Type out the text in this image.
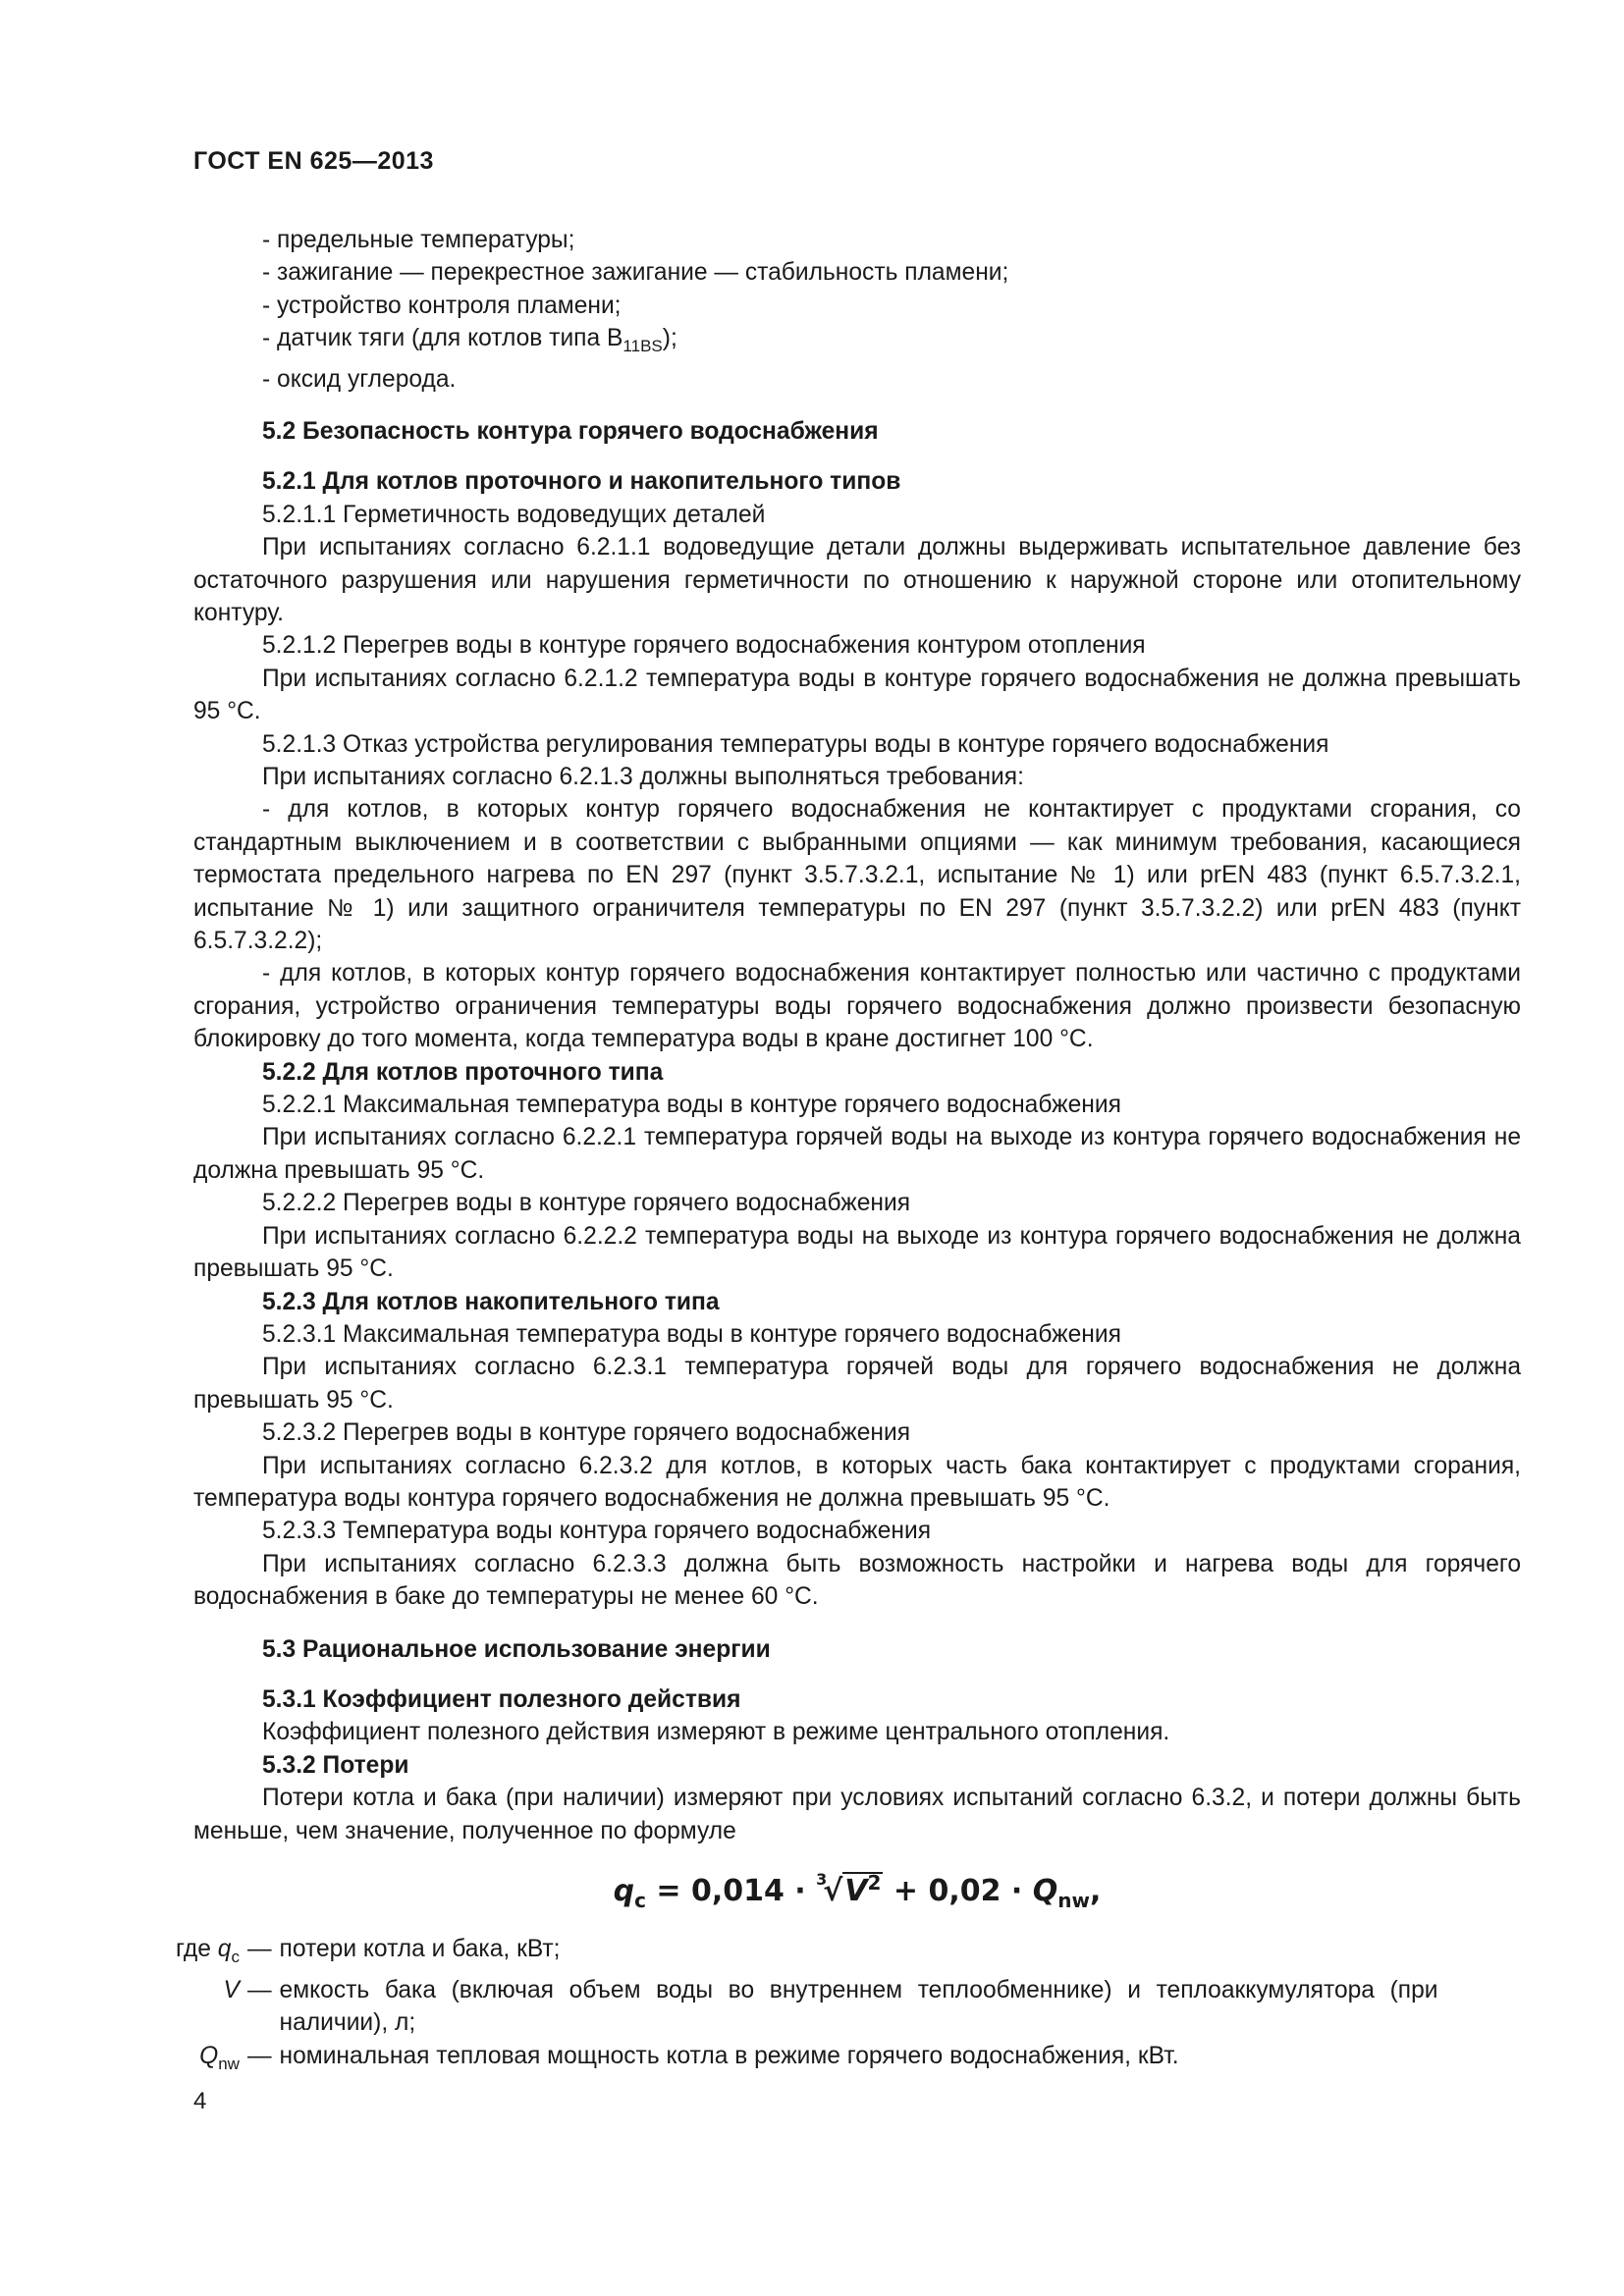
ГОСТ EN 625—2013
- предельные температуры;
- зажигание — перекрестное зажигание — стабильность пламени;
- устройство контроля пламени;
- датчик тяги (для котлов типа $B_{11BS}$);
- оксид углерода.
5.2 Безопасность контура горячего водоснабжения
5.2.1 Для котлов проточного и накопительного типов

5.2.1.1 Герметичность водоведущих деталей

При испытаниях согласно 6.2.1.1 водоведущие детали должны выдерживать испытательное давление без остаточного разрушения или нарушения герметичности по отношению к наружной стороне или отопительному контуру.

5.2.1.2 Перегрев воды в контуре горячего водоснабжения контуром отопления

При испытаниях согласно 6.2.1.2 температура воды в контуре горячего водоснабжения не должна превышать 95 °С.

5.2.1.3 Отказ устройства регулирования температуры воды в контуре горячего водоснабжения

При испытаниях согласно 6.2.1.3 должны выполняться требования:

- для котлов, в которых контур горячего водоснабжения не контактирует с продуктами сгорания, со стандартным выключением и в соответствии с выбранными опциями — как минимум требования, касающиеся термостата предельного нагрева по EN 297 (пункт 3.5.7.3.2.1, испытание № 1) или prEN 483 (пункт 6.5.7.3.2.1, испытание № 1) или защитного ограничителя температуры по EN 297 (пункт 3.5.7.3.2.2) или prEN 483 (пункт 6.5.7.3.2.2);

- для котлов, в которых контур горячего водоснабжения контактирует полностью или частично с продуктами сгорания, устройство ограничения температуры воды горячего водоснабжения должно произвести безопасную блокировку до того момента, когда температура воды в кране достигнет 100 °С.

5.2.2 Для котлов проточного типа

5.2.2.1 Максимальная температура воды в контуре горячего водоснабжения

При испытаниях согласно 6.2.2.1 температура горячей воды на выходе из контура горячего водоснабжения не должна превышать 95 °С.

5.2.2.2 Перегрев воды в контуре горячего водоснабжения

При испытаниях согласно 6.2.2.2 температура воды на выходе из контура горячего водоснабжения не должна превышать 95 °С.

5.2.3 Для котлов накопительного типа

5.2.3.1 Максимальная температура воды в контуре горячего водоснабжения

При испытаниях согласно 6.2.3.1 температура горячей воды для горячего водоснабжения не должна превышать 95 °С.

5.2.3.2 Перегрев воды в контуре горячего водоснабжения

При испытаниях согласно 6.2.3.2 для котлов, в которых часть бака контактирует с продуктами сгорания, температура воды контура горячего водоснабжения не должна превышать 95 °С.

5.2.3.3 Температура воды контура горячего водоснабжения

При испытаниях согласно 6.2.3.3 должна быть возможность настройки и нагрева воды для горячего водоснабжения в баке до температуры не менее 60 °С.

5.3 Рациональное использование энергии
5.3.1 Коэффициент полезного действия

Коэффициент полезного действия измеряют в режиме центрального отопления.

5.3.2 Потери

Потери котла и бака (при наличии) измеряют при условиях испытаний согласно 6.3.2, и потери должны быть меньше, чем значение, полученное по формуле

$q_c = 0,014 \cdot ^3√V^2 + 0,02 \cdot Q_{nw}$,
где $q_c$	—	потери котла и бака, кВт;
V	—	емкость бака (включая объем воды во внутреннем теплообменнике) и теплоаккумулятора (при наличии), л;
$Q_{nw}$	—	номинальная тепловая мощность котла в режиме горячего водоснабжения, кВт.
4
